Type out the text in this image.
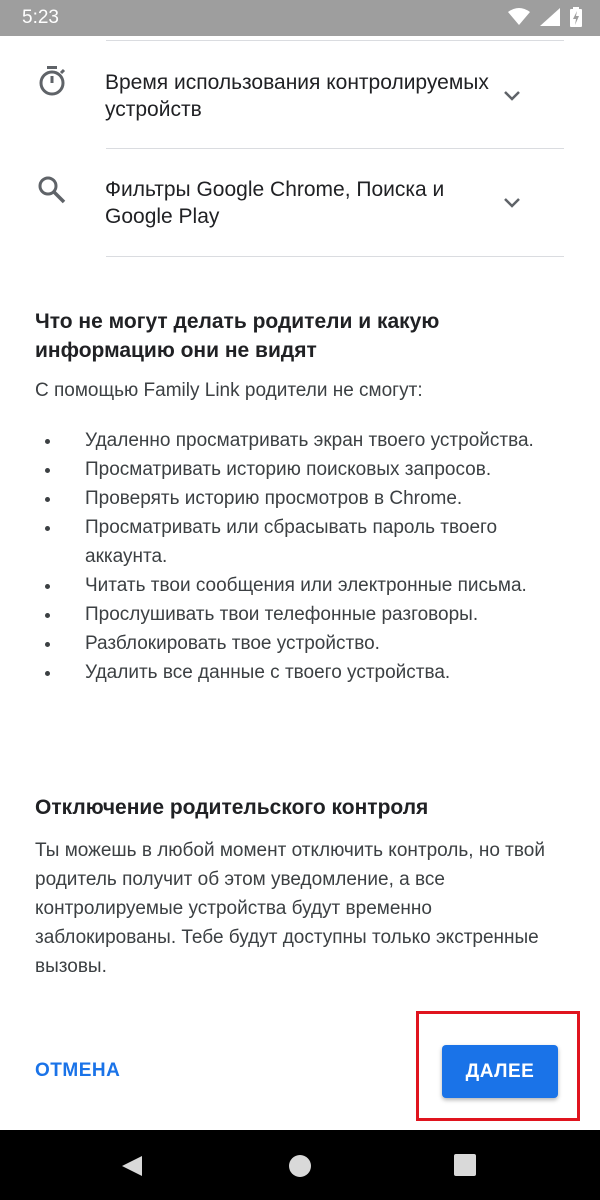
5:23
Время использования контролируемых устройств
Фильтры Google Chrome, Поиска и Google Play
Что не могут делать родители и какую информацию они не видят
С помощью Family Link родители не смогут:
Удаленно просматривать экран твоего устройства.
Просматривать историю поисковых запросов.
Проверять историю просмотров в Chrome.
Просматривать или сбрасывать пароль твоего аккаунта.
Читать твои сообщения или электронные письма.
Прослушивать твои телефонные разговоры.
Разблокировать твое устройство.
Удалить все данные с твоего устройства.
Отключение родительского контроля
Ты можешь в любой момент отключить контроль, но твой родитель получит об этом уведомление, а все контролируемые устройства будут временно заблокированы. Тебе будут доступны только экстренные вызовы.
ОТМЕНА	ДАЛЕЕ
